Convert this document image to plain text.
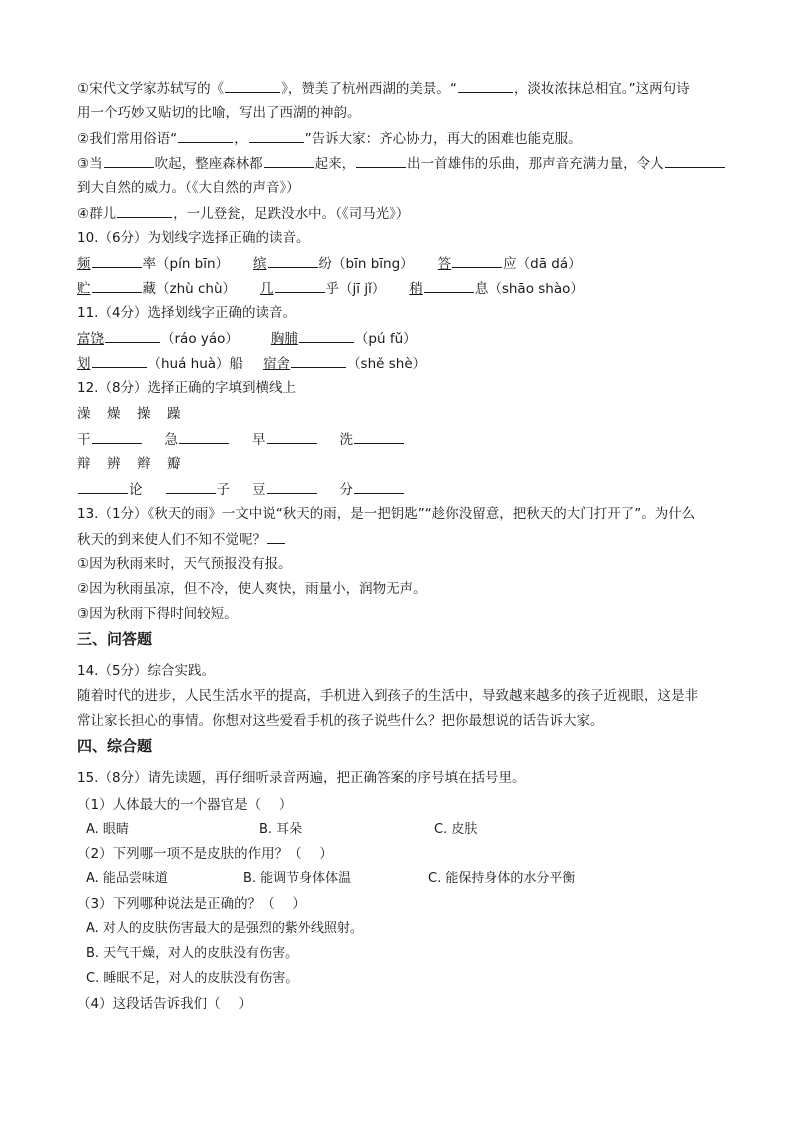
①宋代文学家苏轼写的《	》，赞美了杭州西湖的美景。“	，淡妆浓抹总相宜。”这两句诗
用一个巧妙又贴切的比喻，写出了西湖的神韵。
②我们常用俗语“	，	”告诉大家：齐心协力，再大的困难也能克服。
③当	吹起，整座森林都	起来，	出一首雄伟的乐曲，那声音充满力量，令人
到大自然的威力。（《大自然的声音》）
④群儿	，一儿登瓮，足跌没水中。（《司马光》）
10.（6分）为划线字选择正确的读音。
频	率（pín bīn） 缤	纷（bīn bīng） 答	应（dā dá）
贮	藏（zhù chù） 几	乎（jī jǐ） 稍	息（shāo shào）
11.（4分）选择划线字正确的读音。
富饶	（ráo yáo） 胸脯	（pú fǔ）
划	（huá huà）船 宿舍	（shě shè）
12.（8分）选择正确的字填到横线上
澡 燥 操 躁
干	急	早	洗
辩 辨 辫 瓣
论	子 豆	分
13.（1分）《秋天的雨》一文中说“秋天的雨，是一把钥匙”“趁你没留意，把秋天的大门打开了”。为什么
秋天的到来使人们不知不觉呢？
①因为秋雨来时，天气预报没有报。
②因为秋雨虽凉，但不冷，使人爽快，雨量小，润物无声。
③因为秋雨下得时间较短。
三、问答题
14.（5分）综合实践。
随着时代的进步，人民生活水平的提高，手机进入到孩子的生活中，导致越来越多的孩子近视眼，这是非
常让家长担心的事情。你想对这些爱看手机的孩子说些什么？把你最想说的话告诉大家。
四、综合题
15.（8分）请先读题，再仔细听录音两遍，把正确答案的序号填在括号里。
（1）人体最大的一个器官是（　 ）
A. 眼睛	B. 耳朵	C. 皮肤
（2）下列哪一项不是皮肤的作用？（　 ）
A. 能品尝味道	B. 能调节身体体温	C. 能保持身体的水分平衡
（3）下列哪种说法是正确的？（　 ）
A. 对人的皮肤伤害最大的是强烈的紫外线照射。
B. 天气干燥，对人的皮肤没有伤害。
C. 睡眠不足，对人的皮肤没有伤害。
（4）这段话告诉我们（　 ）
